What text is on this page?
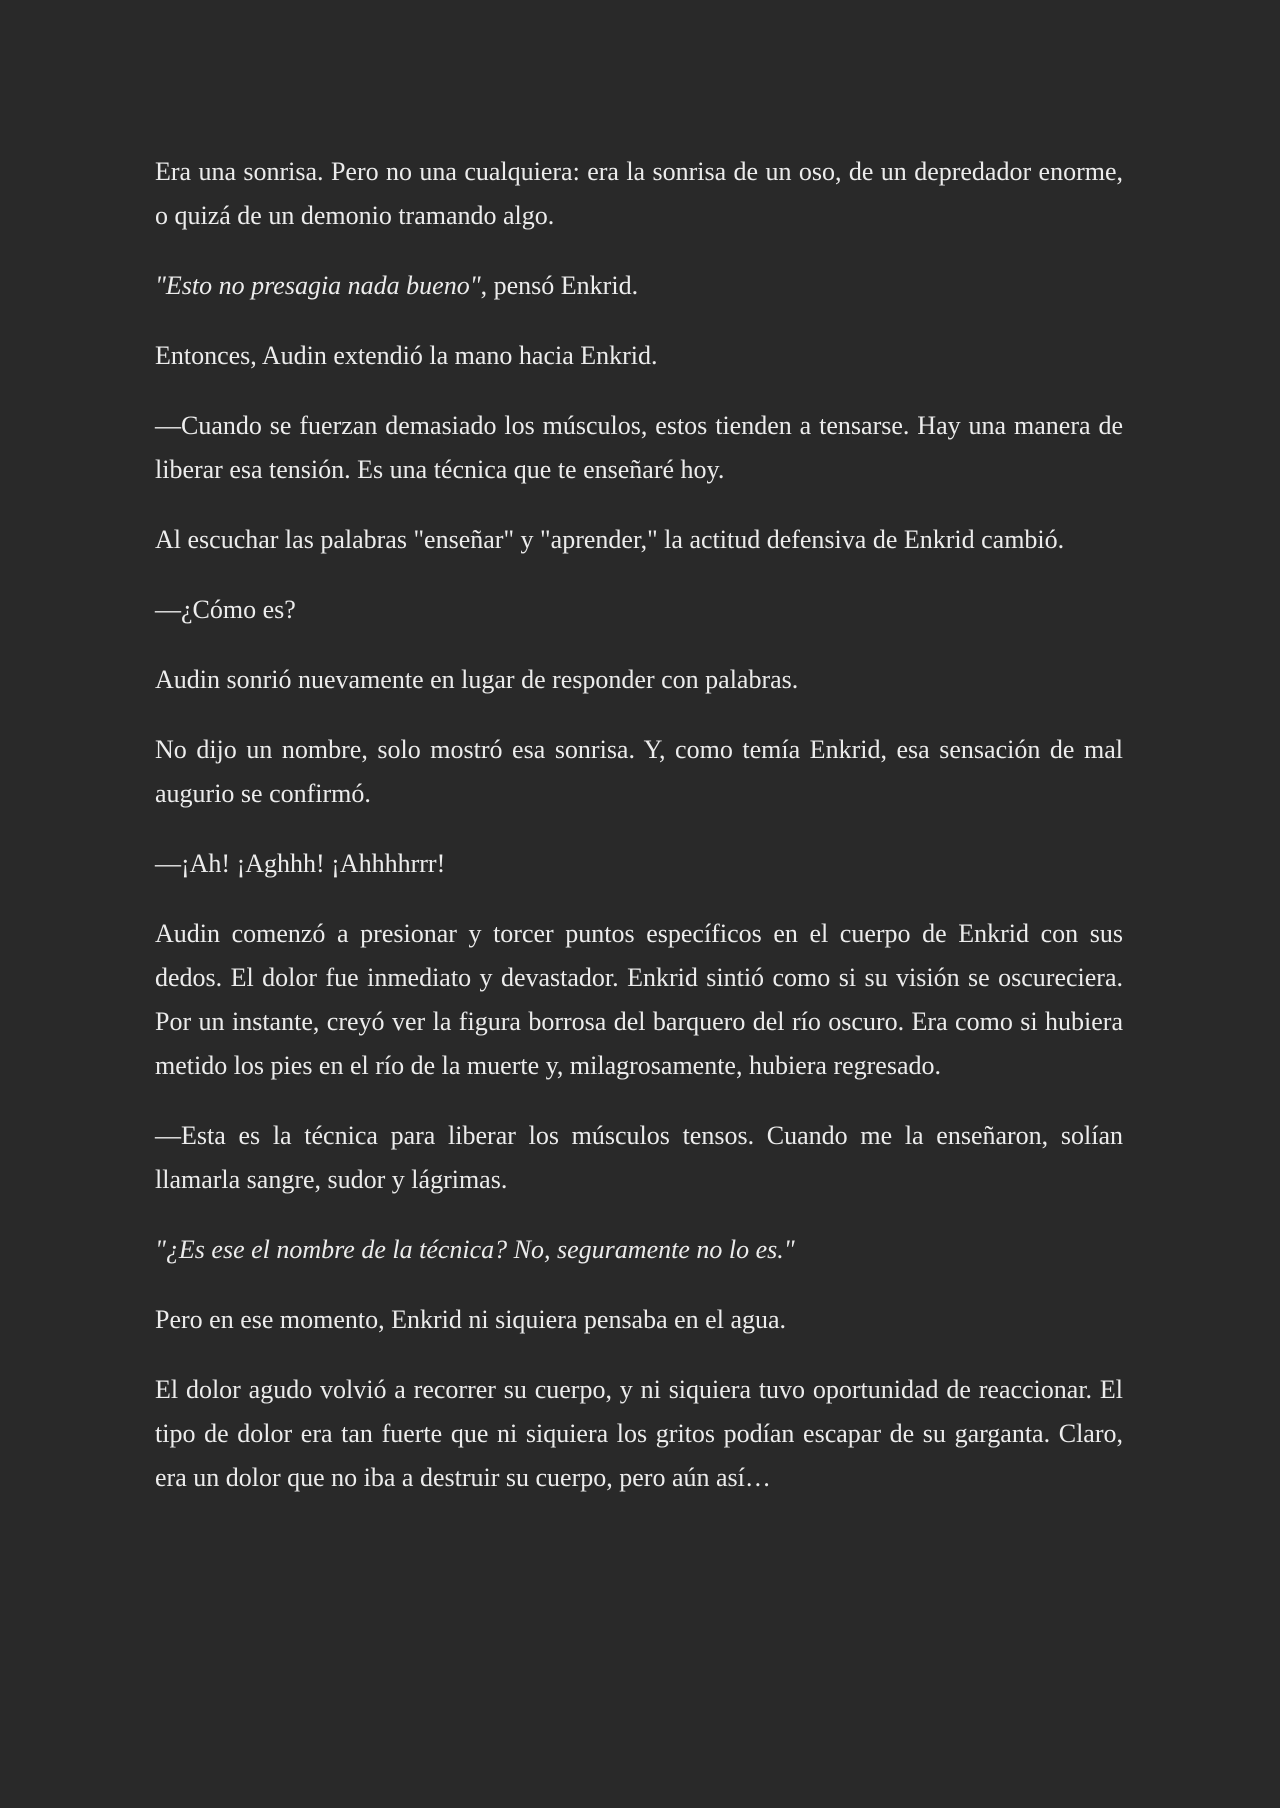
Era una sonrisa. Pero no una cualquiera: era la sonrisa de un oso, de un depredador enorme, o quizá de un demonio tramando algo.

"Esto no presagia nada bueno", pensó Enkrid.

Entonces, Audin extendió la mano hacia Enkrid.

—Cuando se fuerzan demasiado los músculos, estos tienden a tensarse. Hay una manera de liberar esa tensión. Es una técnica que te enseñaré hoy.

Al escuchar las palabras "enseñar" y "aprender," la actitud defensiva de Enkrid cambió.

—¿Cómo es?

Audin sonrió nuevamente en lugar de responder con palabras.

No dijo un nombre, solo mostró esa sonrisa. Y, como temía Enkrid, esa sensación de mal augurio se confirmó.

—¡Ah! ¡Aghhh! ¡Ahhhhrrr!

Audin comenzó a presionar y torcer puntos específicos en el cuerpo de Enkrid con sus dedos. El dolor fue inmediato y devastador. Enkrid sintió como si su visión se oscureciera. Por un instante, creyó ver la figura borrosa del barquero del río oscuro. Era como si hubiera metido los pies en el río de la muerte y, milagrosamente, hubiera regresado.

—Esta es la técnica para liberar los músculos tensos. Cuando me la enseñaron, solían llamarla sangre, sudor y lágrimas.

"¿Es ese el nombre de la técnica? No, seguramente no lo es."

Pero en ese momento, Enkrid ni siquiera pensaba en el agua.

El dolor agudo volvió a recorrer su cuerpo, y ni siquiera tuvo oportunidad de reaccionar. El tipo de dolor era tan fuerte que ni siquiera los gritos podían escapar de su garganta. Claro, era un dolor que no iba a destruir su cuerpo, pero aún así…
